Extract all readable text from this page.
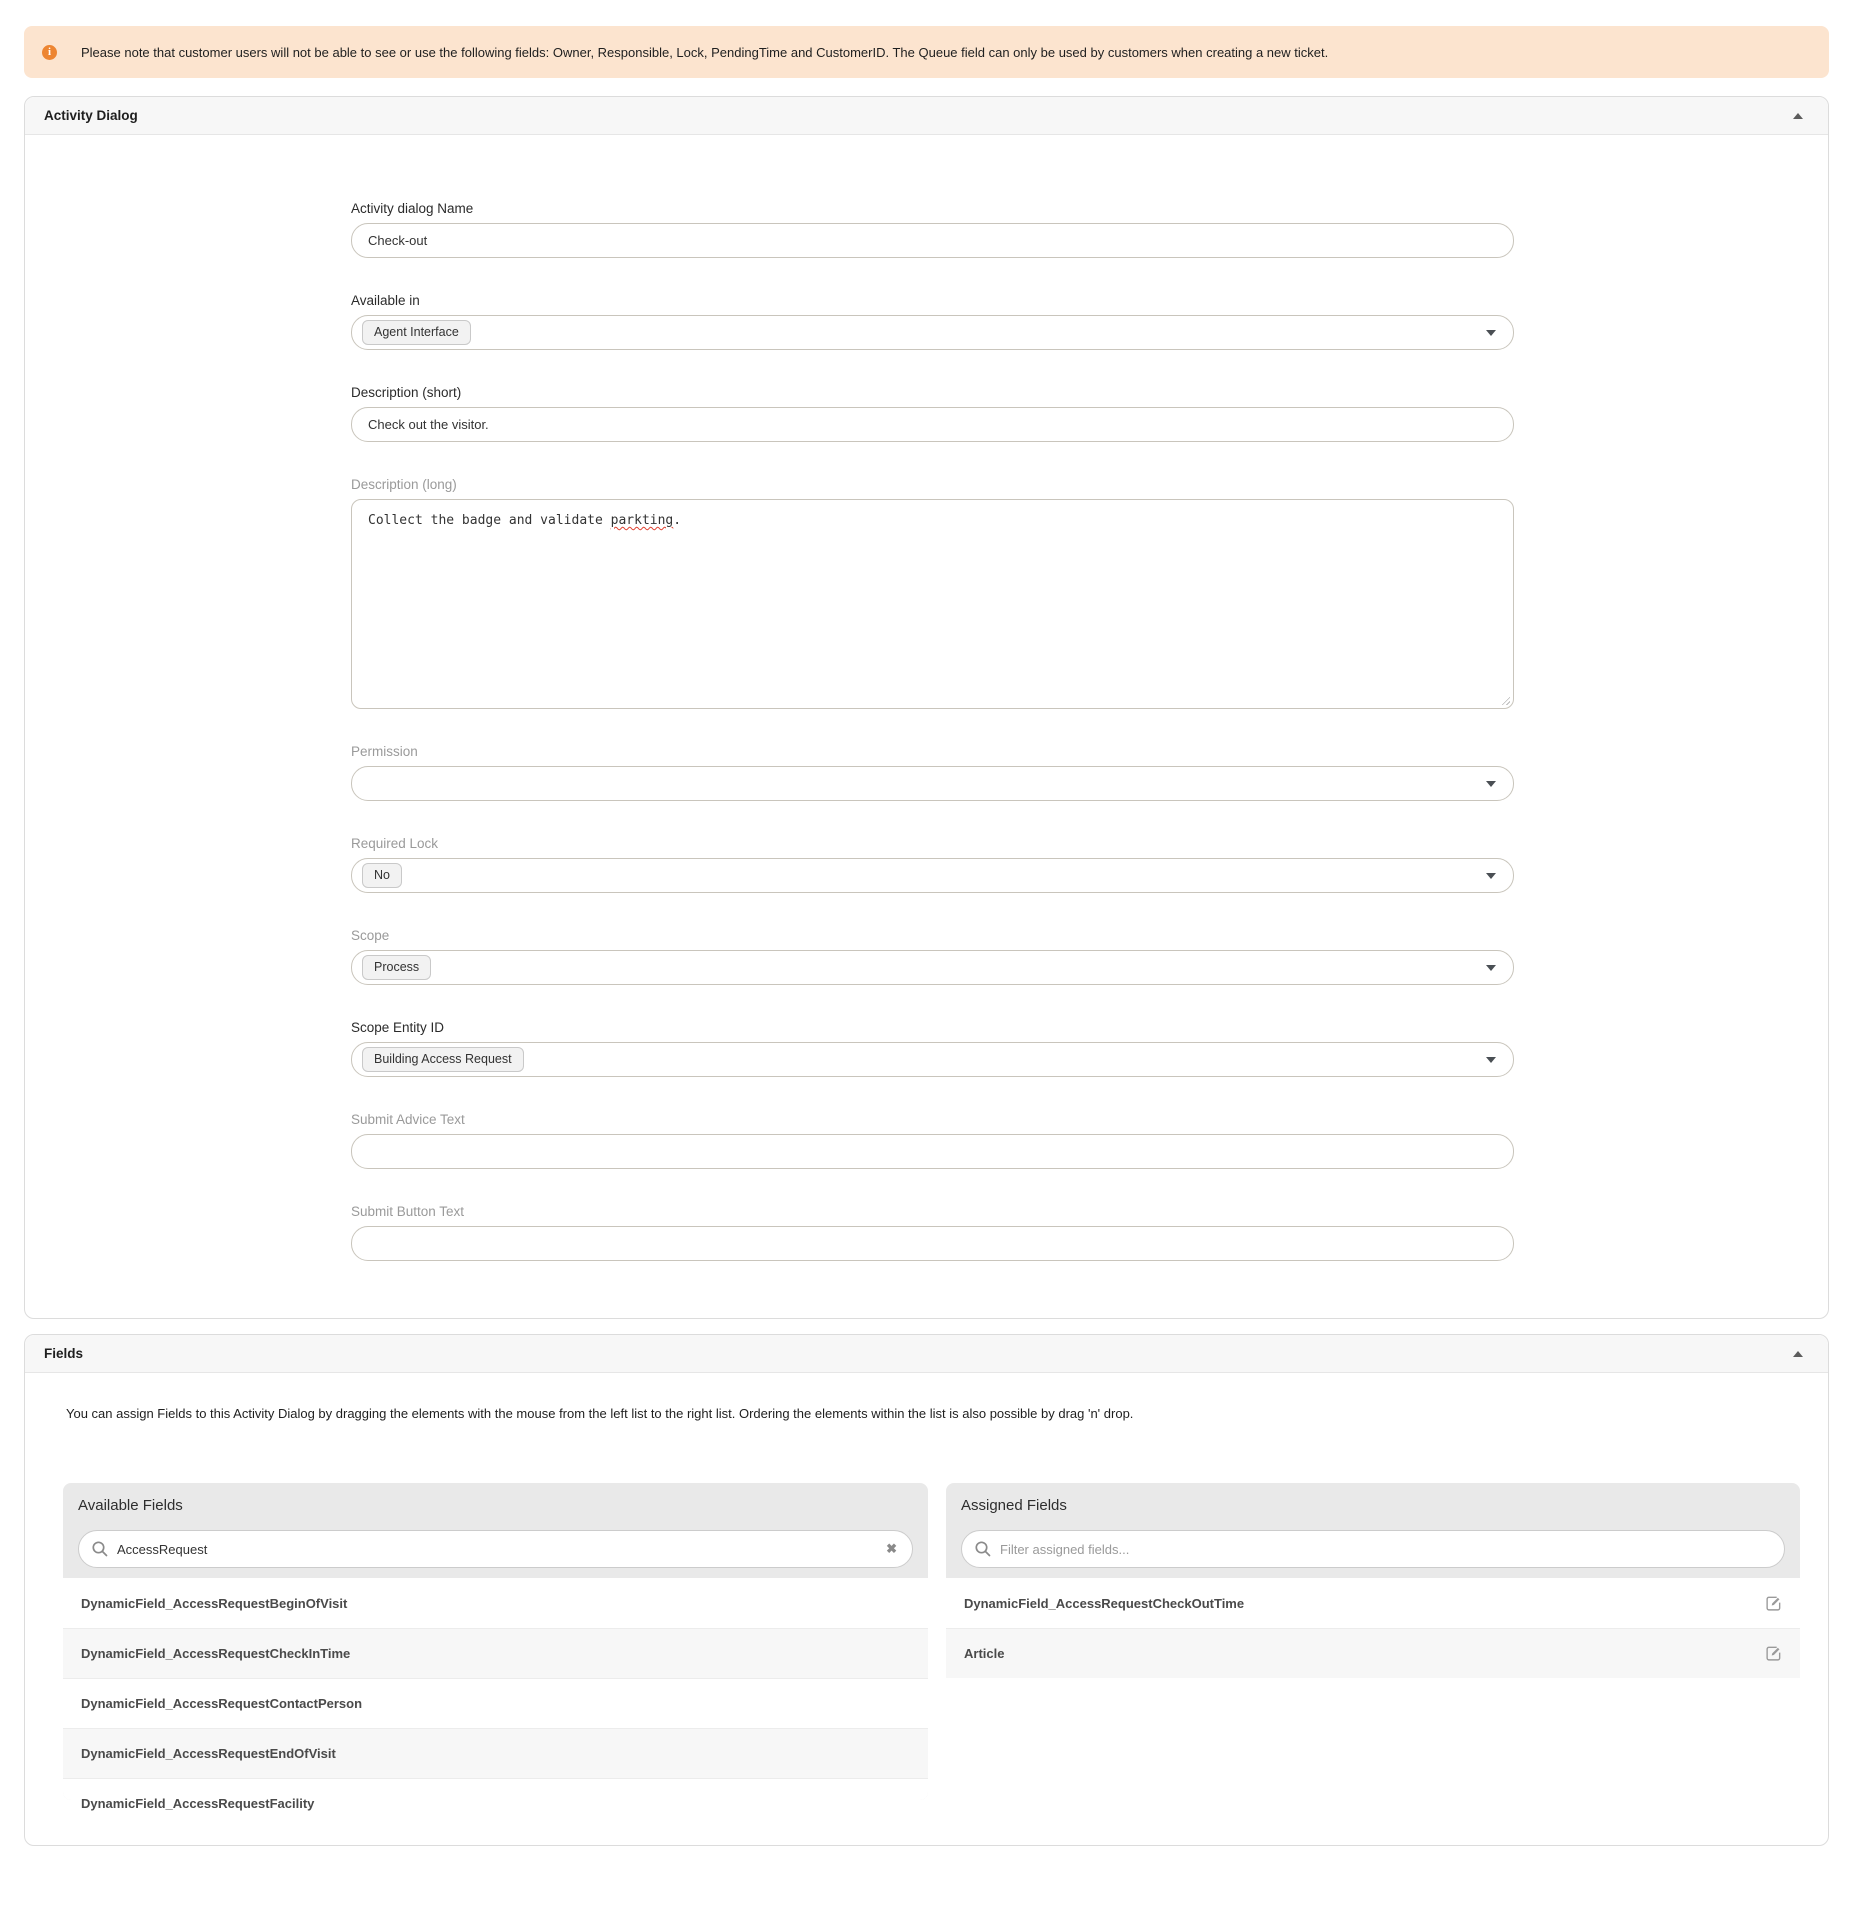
i	Please note that customer users will not be able to see or use the following fields: Owner, Responsible, Lock, PendingTime and CustomerID. The Queue field can only be used by customers when creating a new ticket.
Activity Dialog
Activity dialog Name
Check-out
Available in
Agent Interface
Description (short)
Check out the visitor.
Description (long)
Collect the badge and validate parkting.
Permission
Required Lock
No
Scope
Process
Scope Entity ID
Building Access Request
Submit Advice Text
Submit Button Text
Fields
You can assign Fields to this Activity Dialog by dragging the elements with the mouse from the left list to the right list. Ordering the elements within the list is also possible by drag 'n' drop.
Available Fields
AccessRequest
✖
DynamicField_AccessRequestBeginOfVisit
DynamicField_AccessRequestCheckInTime
DynamicField_AccessRequestContactPerson
DynamicField_AccessRequestEndOfVisit
DynamicField_AccessRequestFacility
Assigned Fields
Filter assigned fields...
DynamicField_AccessRequestCheckOutTime
Article
